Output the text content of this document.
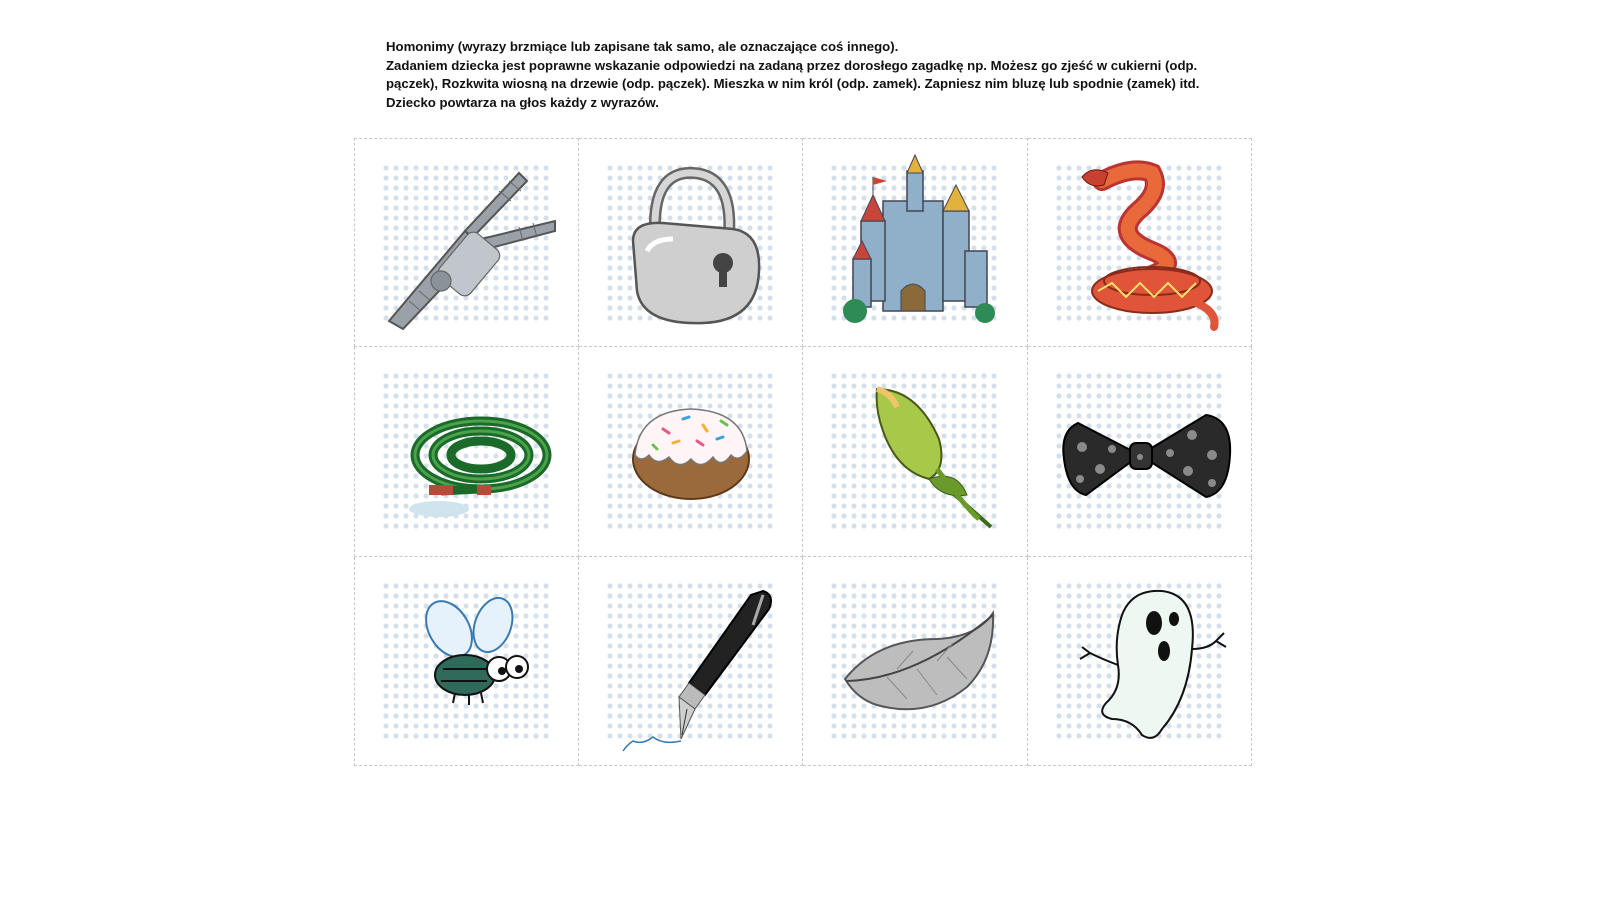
Homonimy (wyrazy brzmiące lub zapisane tak samo, ale oznaczające coś innego).

Zadaniem dziecka jest poprawne wskazanie odpowiedzi na zadaną przez dorosłego zagadkę np. Możesz go zjeść w cukierni (odp. pączek), Rozkwita wiosną na drzewie (odp. pączek). Mieszka w nim król (odp. zamek). Zapniesz nim bluzę lub spodnie (zamek) itd. Dziecko powtarza na głos każdy z wyrazów.
